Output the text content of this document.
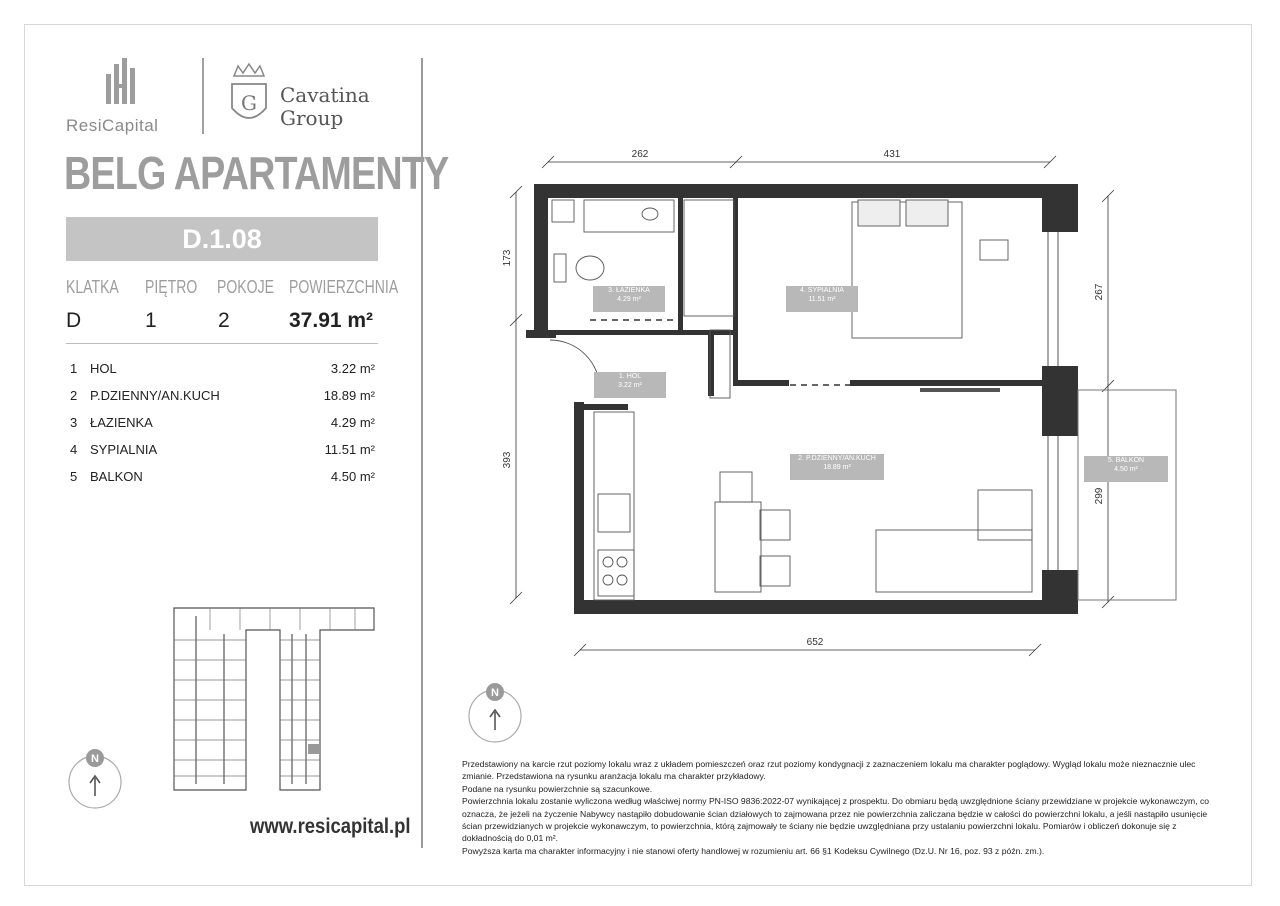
ResiCapital
G Cavatina
Group
BELG APARTAMENTY
D.1.08
KLATKA PIĘTRO POKOJE POWIERZCHNIA
D	1	2	37.91 m²
1 HOL	3.22 m²
2 P.DZIENNY/AN.KUCH	18.89 m²
3 ŁAZIENKA	4.29 m²
4 SYPIALNIA	11.51 m²
5 BALKON	4.50 m²
N
www.resicapital.pl
262	431
652
173
393
267
299
3. ŁAZIENKA
4.29 m²
4. SYPIALNIA
11.51 m²
1. HOL
3.22 m²
2. P.DZIENNY/AN.KUCH
18.89 m²
5. BALKON
4.50 m²
N

Przedstawiony na karcie rzut poziomy lokalu wraz z układem pomieszczeń oraz rzut poziomy kondygnacji z zaznaczeniem lokalu ma charakter poglądowy. Wygląd lokalu może nieznacznie ulec zmianie. Przedstawiona na rysunku aranżacja lokalu ma charakter przykładowy.

Podane na rysunku powierzchnie są szacunkowe.

Powierzchnia lokalu zostanie wyliczona według właściwej normy PN-ISO 9836:2022-07 wynikającej z prospektu. Do obmiaru będą uwzględnione ściany przewidziane w projekcie wykonawczym, co oznacza, że jeżeli na życzenie Nabywcy nastąpiło dobudowanie ścian działowych to zajmowana przez nie powierzchnia zaliczana będzie w całości do powierzchni lokalu, a jeśli nastąpiło usunięcie ścian przewidzianych w projekcie wykonawczym, to powierzchnia, którą zajmowały te ściany nie będzie uwzględniana przy ustalaniu powierzchni lokalu. Pomiarów i obliczeń dokonuje się z dokładnością do 0,01 m².

Powyższa karta ma charakter informacyjny i nie stanowi oferty handlowej w rozumieniu art. 66 §1 Kodeksu Cywilnego (Dz.U. Nr 16, poz. 93 z późn. zm.).
